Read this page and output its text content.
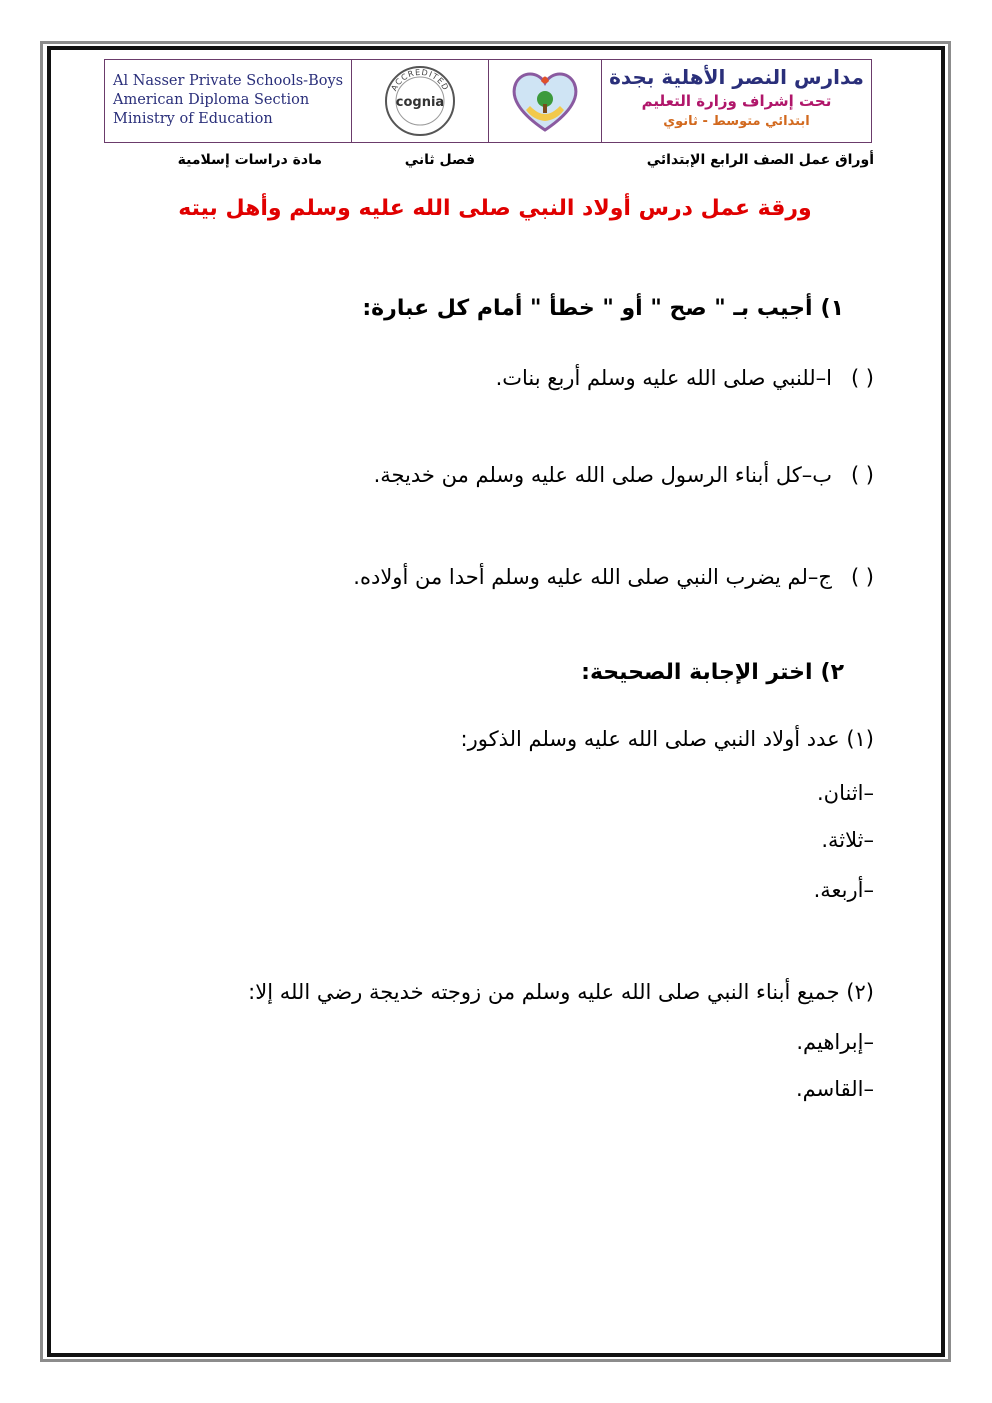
Al Nasser Private Schools-Boys
American Diploma Section
Ministry of Education
ACCREDITED
cognia
مدارس النصر الأهلية بجدة
تحت إشراف وزارة التعليم
ابتدائي متوسط - ثانوي
أوراق عمل الصف الرابع الإبتدائي
فصل ثاني
مادة دراسات إسلامية
ورقة عمل درس أولاد النبي صلى الله عليه وسلم وأهل بيته
١)أجيب بـ " صح " أو " خطأ " أمام كل عبارة:
( )ا–للنبي صلى الله عليه وسلم أربع بنات.
( )ب–كل أبناء الرسول صلى الله عليه وسلم من خديجة.
( )ج–لم يضرب النبي صلى الله عليه وسلم أحدا من أولاده.
٢)اختر الإجابة الصحيحة:
(١) عدد أولاد النبي صلى الله عليه وسلم الذكور:
–اثنان.
–ثلاثة.
–أربعة.
(٢) جميع أبناء النبي صلى الله عليه وسلم من زوجته خديجة رضي الله إلا:
–إبراهيم.
–القاسم.
